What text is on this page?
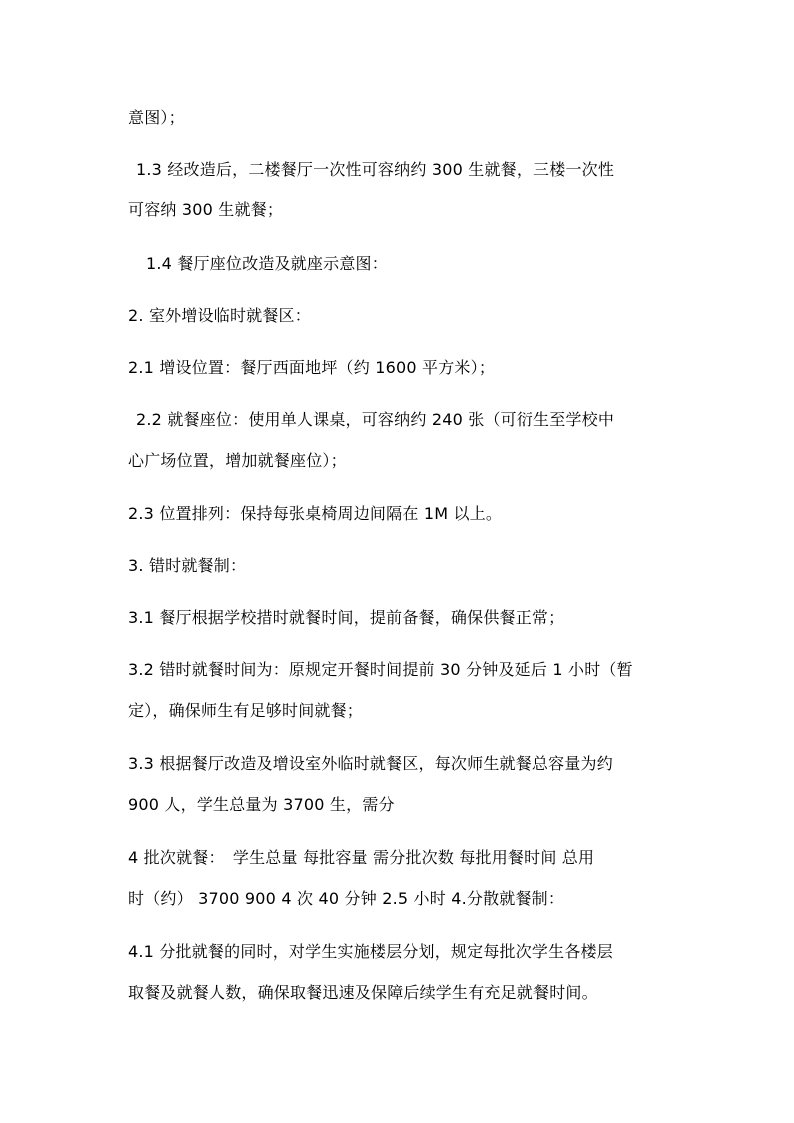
意图）；
1.3 经改造后，二楼餐厅一次性可容纳约 300 生就餐，三楼一次性
可容纳 300 生就餐；
1.4 餐厅座位改造及就座示意图：
2. 室外增设临时就餐区：
2.1 增设位置：餐厅西面地坪（约 1600 平方米）；
2.2 就餐座位：使用单人课桌，可容纳约 240 张（可衍生至学校中
心广场位置，增加就餐座位）；
2.3 位置排列：保持每张桌椅周边间隔在 1M 以上。
3. 错时就餐制：
3.1 餐厅根据学校措时就餐时间，提前备餐，确保供餐正常；
3.2 错时就餐时间为：原规定开餐时间提前 30 分钟及延后 1 小时（暂
定），确保师生有足够时间就餐；
3.3 根据餐厅改造及增设室外临时就餐区，每次师生就餐总容量为约
900 人，学生总量为 3700 生，需分
4 批次就餐：　学生总量 每批容量 需分批次数 每批用餐时间 总用
时（约） 3700 900 4 次 40 分钟 2.5 小时 4.分散就餐制：
4.1 分批就餐的同时，对学生实施楼层分划，规定每批次学生各楼层
取餐及就餐人数，确保取餐迅速及保障后续学生有充足就餐时间。
